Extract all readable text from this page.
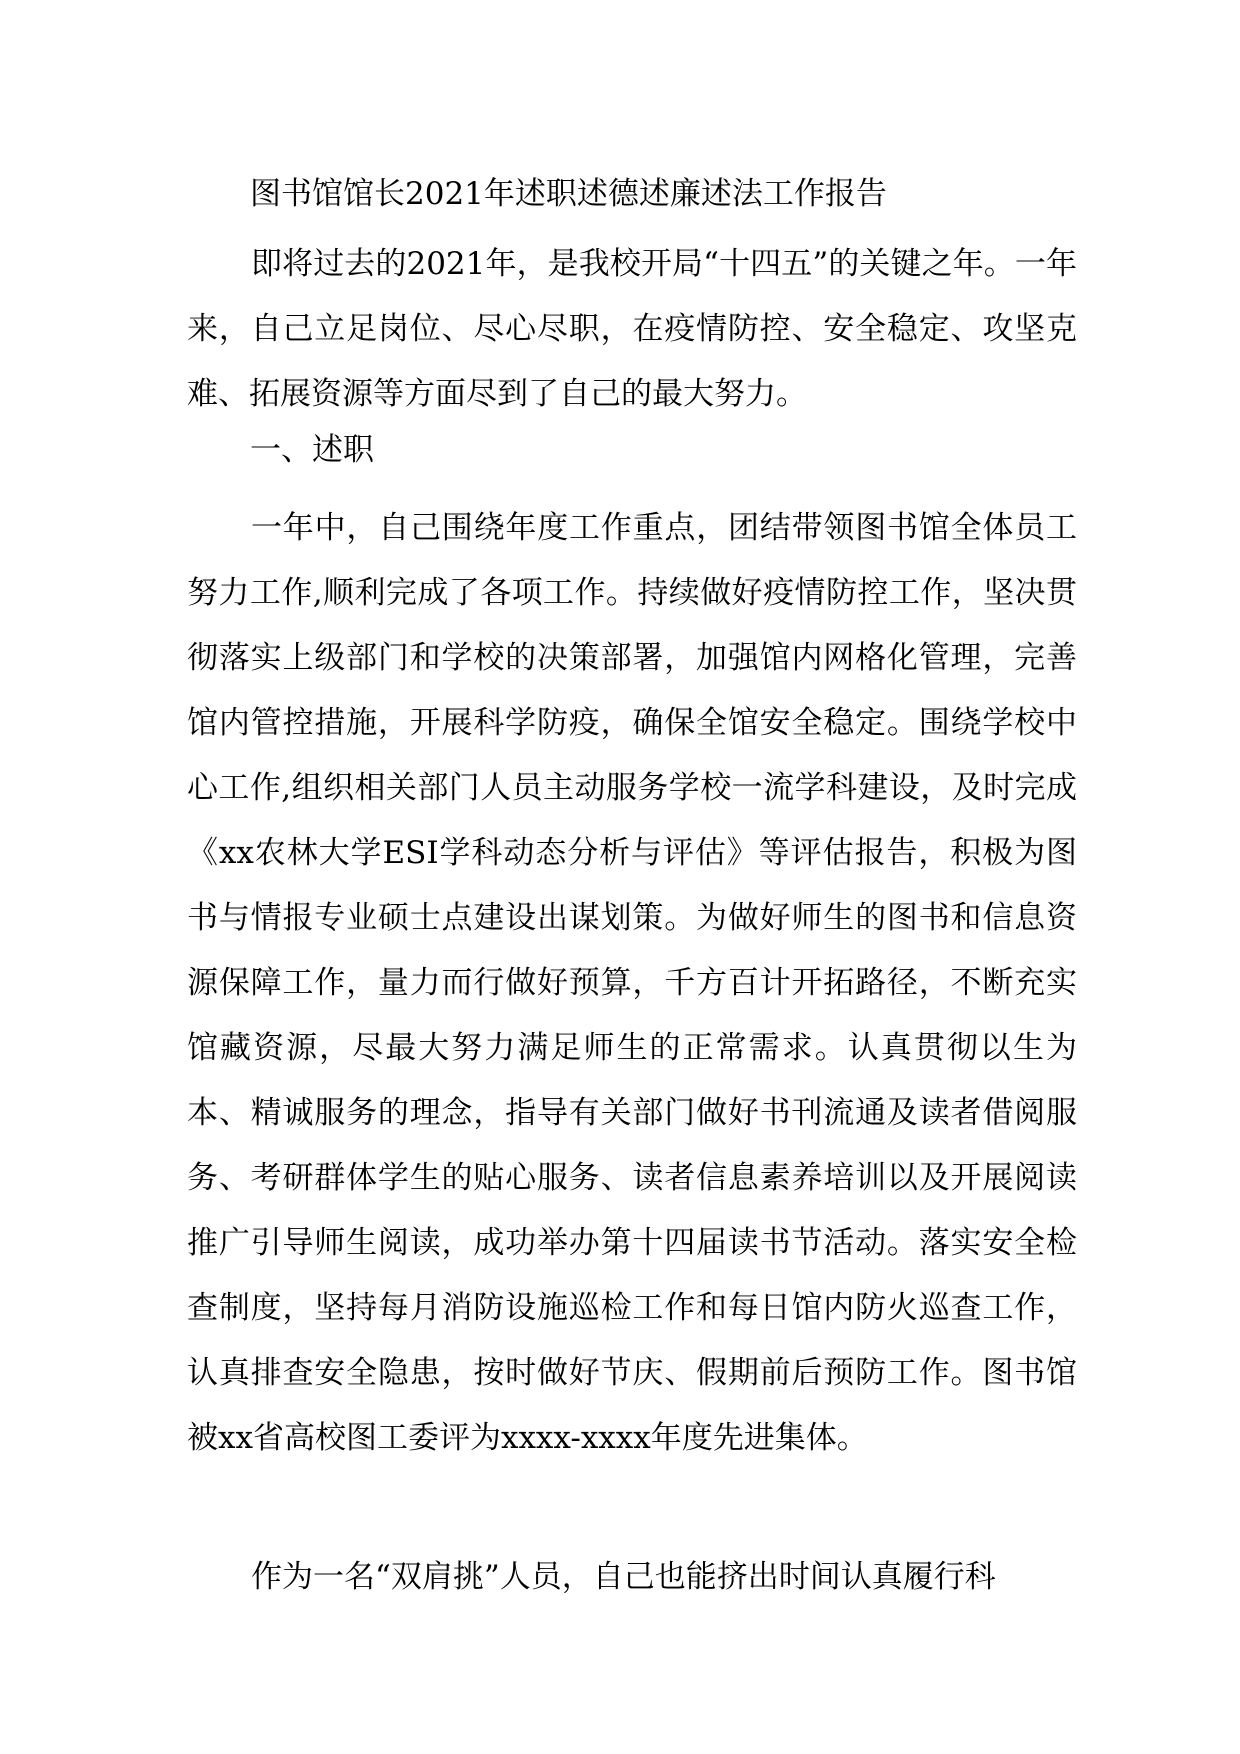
图书馆馆长2021年述职述德述廉述法工作报告

即将过去的2021年，是我校开局“十四五”的关键之年。一年来，自己立足岗位、尽心尽职，在疫情防控、安全稳定、攻坚克难、拓展资源等方面尽到了自己的最大努力。

一、述职

一年中，自己围绕年度工作重点，团结带领图书馆全体员工努力工作,顺利完成了各项工作。持续做好疫情防控工作，坚决贯彻落实上级部门和学校的决策部署，加强馆内网格化管理，完善馆内管控措施，开展科学防疫，确保全馆安全稳定。围绕学校中心工作,组织相关部门人员主动服务学校一流学科建设，及时完成《xx农林大学ESI学科动态分析与评估》等评估报告，积极为图书与情报专业硕士点建设出谋划策。为做好师生的图书和信息资源保障工作，量力而行做好预算，千方百计开拓路径，不断充实馆藏资源，尽最大努力满足师生的正常需求。认真贯彻以生为本、精诚服务的理念，指导有关部门做好书刊流通及读者借阅服务、考研群体学生的贴心服务、读者信息素养培训以及开展阅读推广引导师生阅读，成功举办第十四届读书节活动。落实安全检查制度，坚持每月消防设施巡检工作和每日馆内防火巡查工作，认真排查安全隐患，按时做好节庆、假期前后预防工作。图书馆被xx省高校图工委评为xxxx-xxxx年度先进集体。

作为一名“双肩挑”人员，自己也能挤出时间认真履行科
